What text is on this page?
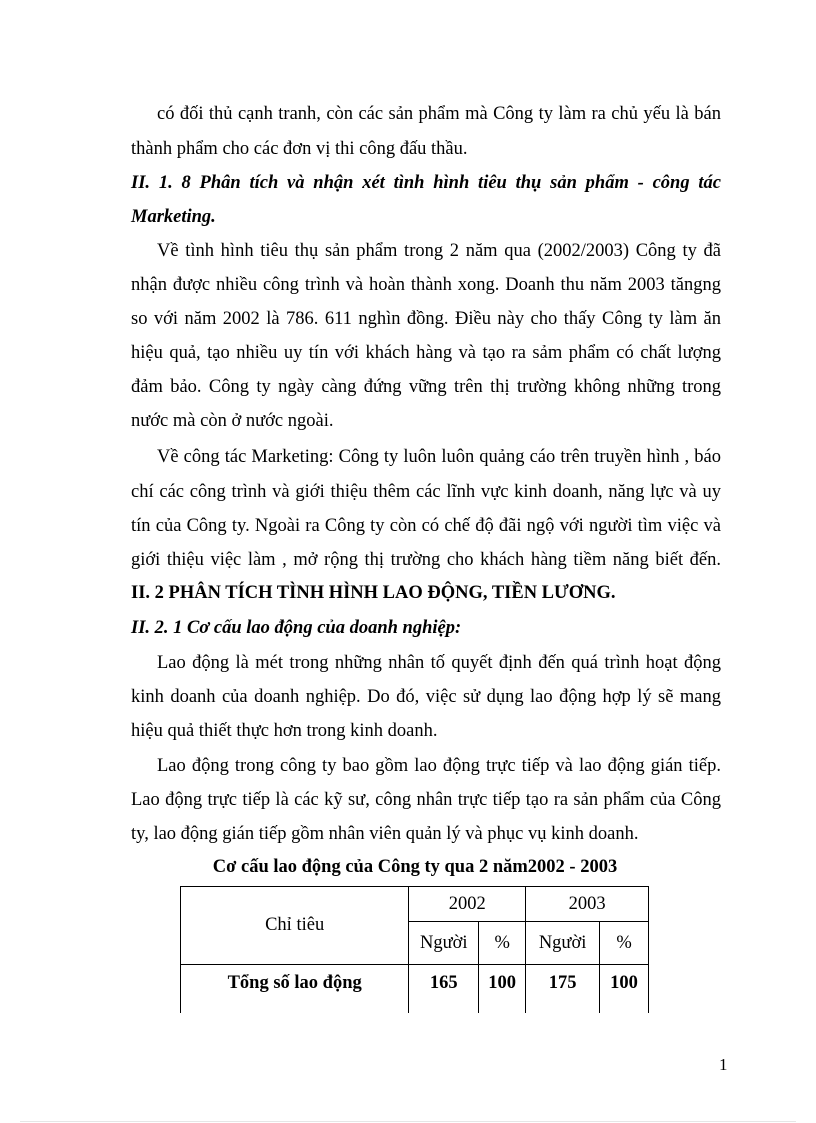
có đối thủ cạnh tranh, còn các sản phẩm mà Công ty làm ra chủ yếu là bán
thành phẩm cho các đơn vị thi công đấu thầu.
II. 1. 8 Phân tích và nhận xét tình hình tiêu thụ sản phẩm - công tác
Marketing.
Về tình hình tiêu thụ sản phẩm trong 2 năm qua (2002/2003) Công ty đã
nhận được nhiều công trình và hoàn thành xong. Doanh thu năm 2003 tăngng
so với năm 2002 là 786. 611 nghìn đồng. Điều này cho thấy Công ty làm ăn
hiệu quả, tạo nhiều uy tín với khách hàng và tạo ra sảm phẩm có chất lượng
đảm bảo. Công ty ngày càng đứng vững trên thị trường không những trong
nước mà còn ở nước ngoài.
Về công tác Marketing: Công ty luôn luôn quảng cáo trên truyền hình , báo
chí các công trình và giới thiệu thêm các lĩnh vực kinh doanh, năng lực và uy
tín của Công ty. Ngoài ra Công ty còn có chế độ đãi ngộ với người tìm việc và
giới thiệu việc làm , mở rộng thị trường cho khách hàng tiềm năng biết đến.
II. 2 PHÂN TÍCH TÌNH HÌNH LAO ĐỘNG, TIỀN LƯƠNG.
II. 2. 1 Cơ cấu lao động của doanh nghiệp:
Lao động là mét trong những nhân tố quyết định đến quá trình hoạt động
kinh doanh của doanh nghiệp. Do đó, việc sử dụng lao động hợp lý sẽ mang
hiệu quả thiết thực hơn trong kinh doanh.
Lao động trong công ty bao gồm lao động trực tiếp và lao động gián tiếp.
Lao động trực tiếp là các kỹ sư, công nhân trực tiếp tạo ra sản phẩm của Công
ty, lao động gián tiếp gồm nhân viên quản lý và phục vụ kinh doanh.
Cơ cấu lao động của Công ty qua 2 năm2002 - 2003
Chỉ tiêu	2002		2003	
	Người	%	Người	%
Tổng số lao động	165	100	175	100

1
